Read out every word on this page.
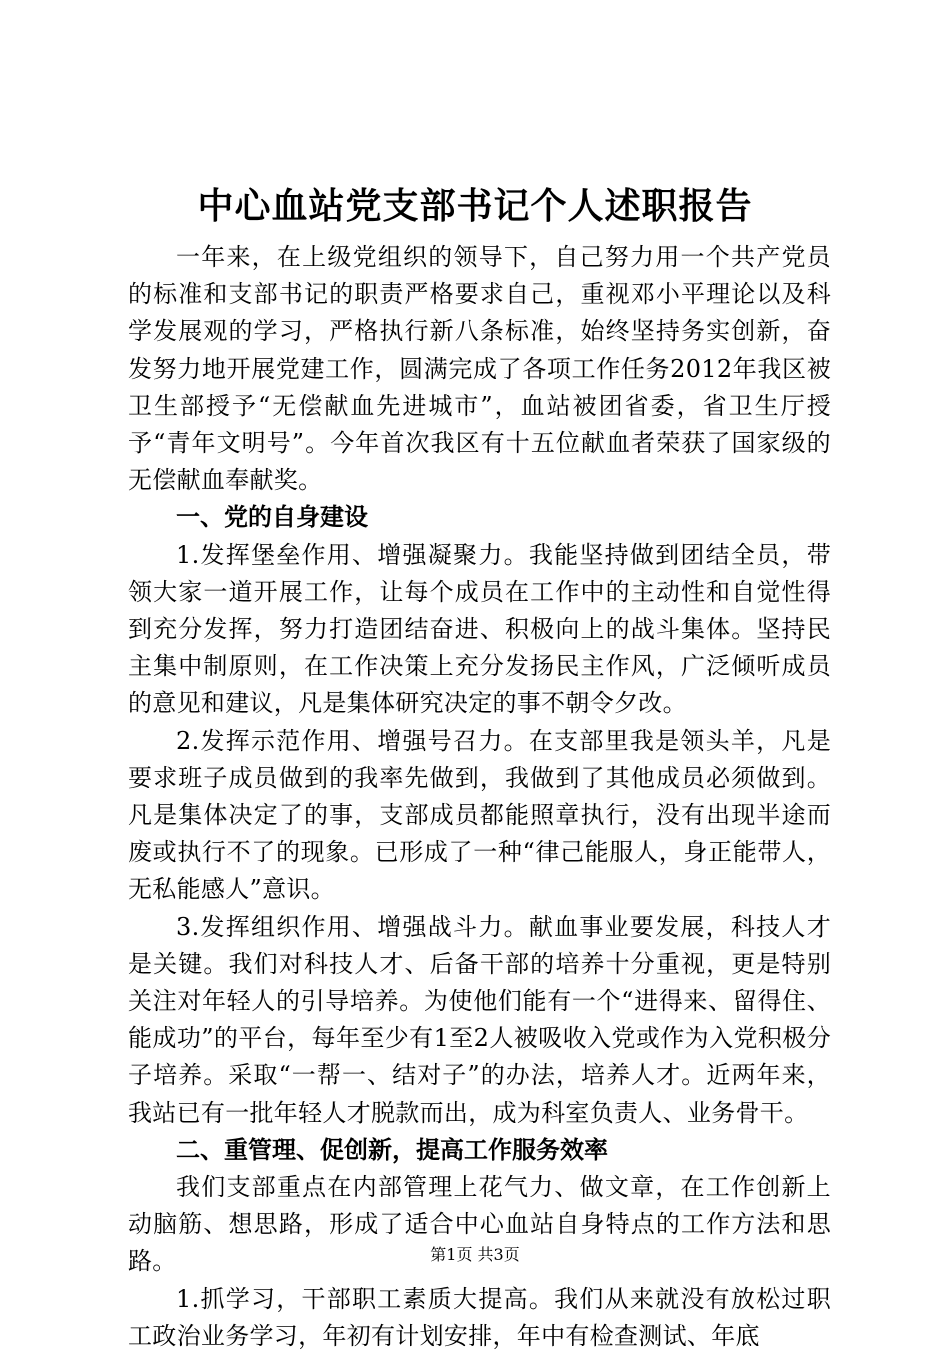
中心血站党支部书记个人述职报告

一年来，在上级党组织的领导下，自己努力用一个共产党员的标准和支部书记的职责严格要求自己，重视邓小平理论以及科学发展观的学习，严格执行新八条标准，始终坚持务实创新，奋发努力地开展党建工作，圆满完成了各项工作任务2012年我区被卫生部授予“无偿献血先进城市”，血站被团省委，省卫生厅授予“青年文明号”。今年首次我区有十五位献血者荣获了国家级的无偿献血奉献奖。

一、党的自身建设

1.发挥堡垒作用、增强凝聚力。我能坚持做到团结全员，带领大家一道开展工作，让每个成员在工作中的主动性和自觉性得到充分发挥，努力打造团结奋进、积极向上的战斗集体。坚持民主集中制原则，在工作决策上充分发扬民主作风，广泛倾听成员的意见和建议，凡是集体研究决定的事不朝令夕改。

2.发挥示范作用、增强号召力。在支部里我是领头羊，凡是要求班子成员做到的我率先做到，我做到了其他成员必须做到。凡是集体决定了的事，支部成员都能照章执行，没有出现半途而废或执行不了的现象。已形成了一种“律己能服人，身正能带人，无私能感人”意识。

3.发挥组织作用、增强战斗力。献血事业要发展，科技人才是关键。我们对科技人才、后备干部的培养十分重视，更是特别关注对年轻人的引导培养。为使他们能有一个“进得来、留得住、能成功”的平台，每年至少有1至2人被吸收入党或作为入党积极分子培养。采取“一帮一、结对子”的办法，培养人才。近两年来，我站已有一批年轻人才脱款而出，成为科室负责人、业务骨干。

二、重管理、促创新，提高工作服务效率

我们支部重点在内部管理上花气力、做文章，在工作创新上动脑筋、想思路，形成了适合中心血站自身特点的工作方法和思路。

1.抓学习，干部职工素质大提高。我们从来就没有放松过职工政治业务学习，年初有计划安排，年中有检查测试、年底

第1页 共3页
